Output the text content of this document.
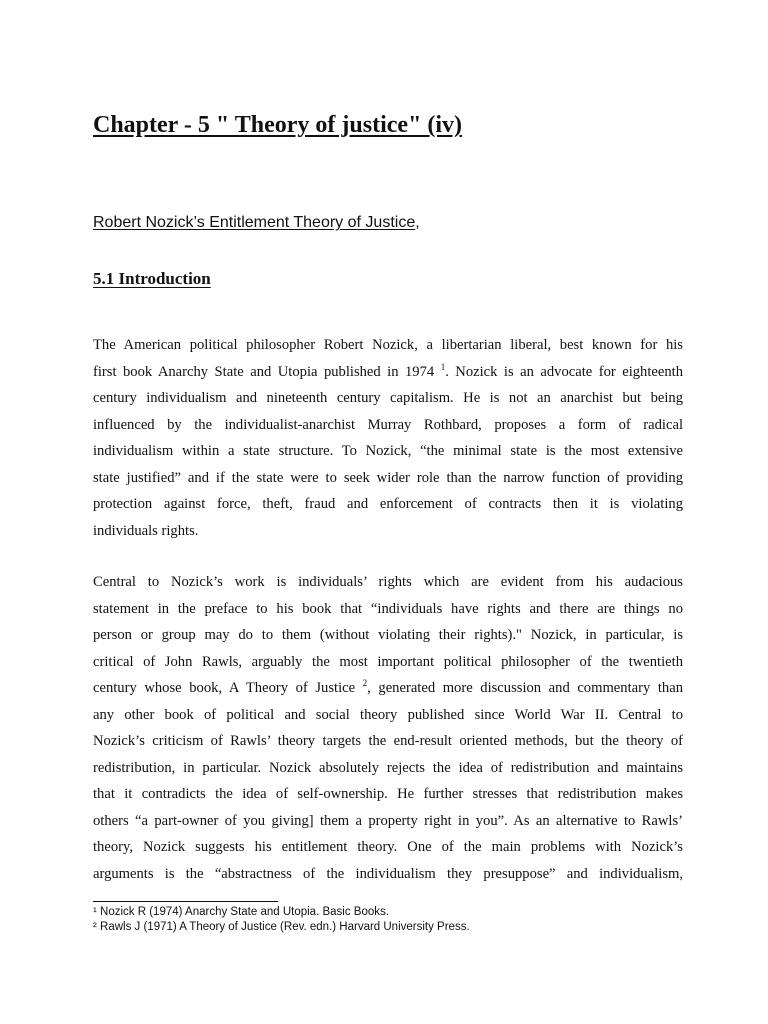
Chapter - 5 " Theory of justice" (iv)

Robert Nozick’s Entitlement Theory of Justice,

5.1 Introduction

The American political philosopher Robert Nozick, a libertarian liberal, best known for his
first book Anarchy State and Utopia published in 1974 $^1$. Nozick is an advocate for eighteenth
century individualism and nineteenth century capitalism. He is not an anarchist but being
influenced by the individualist-anarchist Murray Rothbard, proposes a form of radical
individualism within a state structure. To Nozick, “the minimal state is the most extensive
state justified” and if the state were to seek wider role than the narrow function of providing
protection against force, theft, fraud and enforcement of contracts then it is violating
individuals rights.

Central to Nozick’s work is individuals’ rights which are evident from his audacious
statement in the preface to his book that “individuals have rights and there are things no
person or group may do to them (without violating their rights)." Nozick, in particular, is
critical of John Rawls, arguably the most important political philosopher of the twentieth
century whose book, A Theory of Justice $^2$, generated more discussion and commentary than
any other book of political and social theory published since World War II. Central to
Nozick’s criticism of Rawls’ theory targets the end-result oriented methods, but the theory of
redistribution, in particular. Nozick absolutely rejects the idea of redistribution and maintains
that it contradicts the idea of self-ownership. He further stresses that redistribution makes
others “a part-owner of you giving] them a property right in you”. As an alternative to Rawls’
theory, Nozick suggests his entitlement theory. One of the main problems with Nozick’s
arguments is the “abstractness of the individualism they presuppose” and individualism,

¹ Nozick R (1974) Anarchy State and Utopia. Basic Books.
² Rawls J (1971) A Theory of Justice (Rev. edn.) Harvard University Press.
